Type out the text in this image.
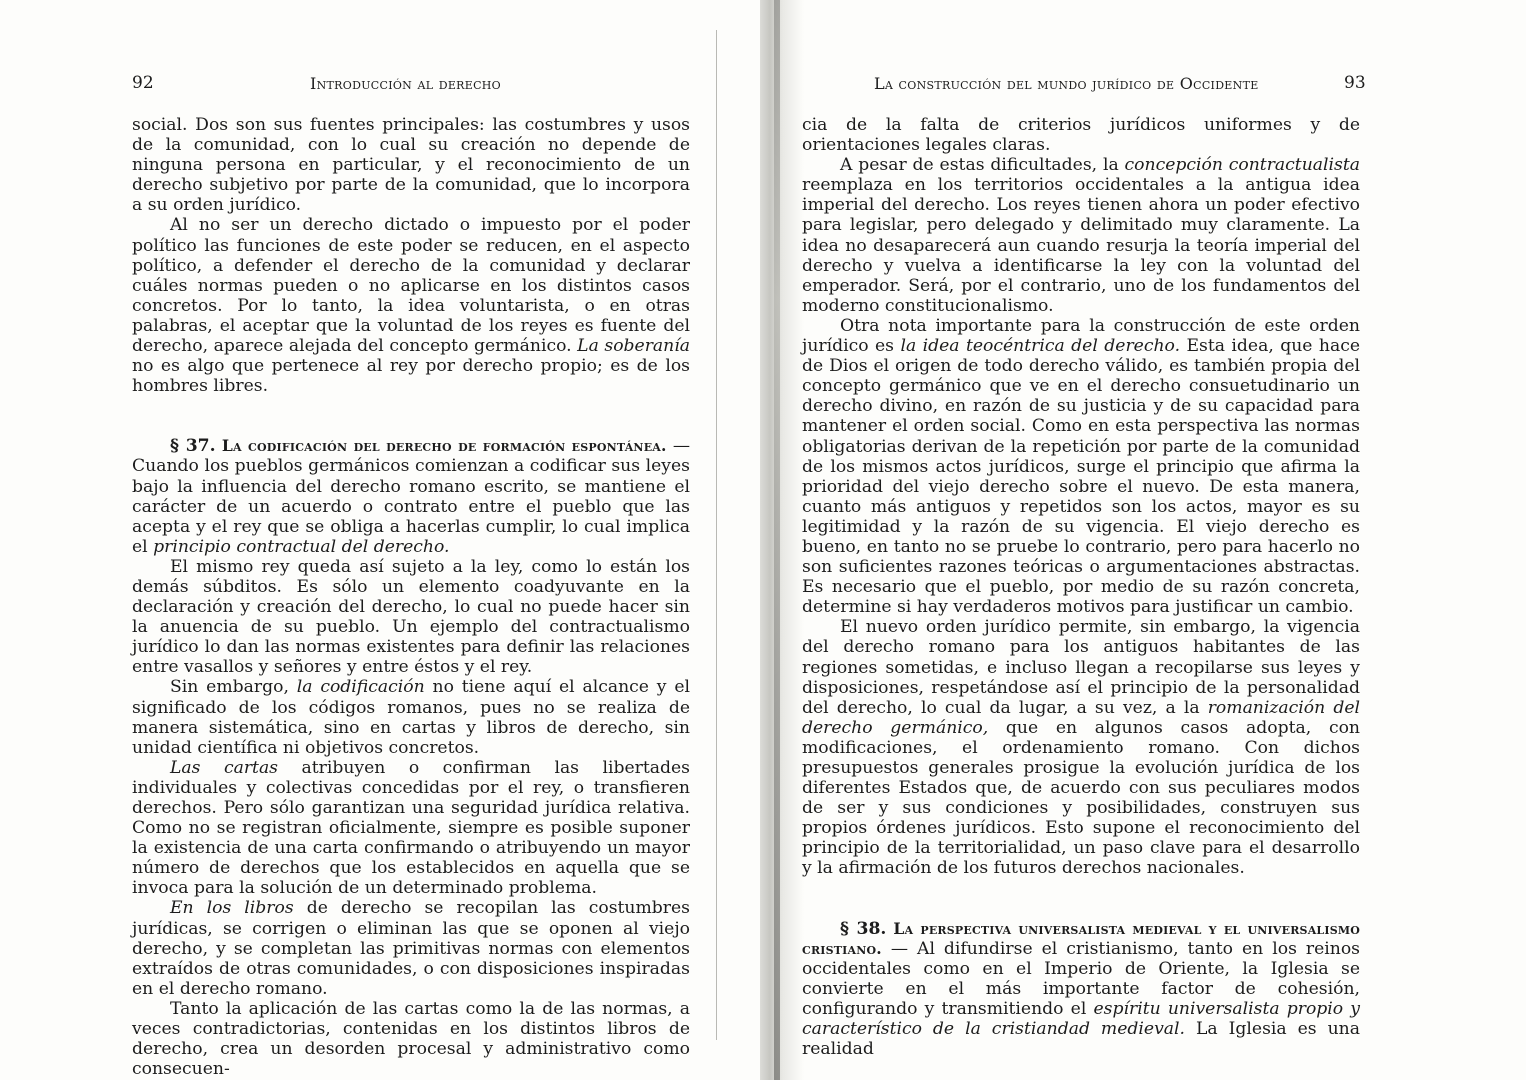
92	Introducción al derecho

social. Dos son sus fuentes principales: las costumbres y usos de la comunidad, con lo cual su creación no depende de ninguna persona en particular, y el reconocimiento de un derecho subjetivo por parte de la comunidad, que lo incorpora a su orden jurídico.

Al no ser un derecho dictado o impuesto por el poder político las funciones de este poder se reducen, en el aspecto político, a defender el derecho de la comunidad y declarar cuáles normas pueden o no aplicarse en los distintos casos concretos. Por lo tanto, la idea voluntarista, o en otras palabras, el aceptar que la voluntad de los reyes es fuente del derecho, aparece alejada del concepto germánico. La soberanía no es algo que pertenece al rey por derecho propio; es de los hombres libres.

§ 37. La codificación del derecho de formación espontánea. — Cuando los pueblos germánicos comienzan a codificar sus leyes bajo la influencia del derecho romano escrito, se mantiene el carácter de un acuerdo o contrato entre el pueblo que las acepta y el rey que se obliga a hacerlas cumplir, lo cual implica el principio contractual del derecho.

El mismo rey queda así sujeto a la ley, como lo están los demás súbditos. Es sólo un elemento coadyuvante en la declaración y creación del derecho, lo cual no puede hacer sin la anuencia de su pueblo. Un ejemplo del contractualismo jurídico lo dan las normas existentes para definir las relaciones entre vasallos y señores y entre éstos y el rey.

Sin embargo, la codificación no tiene aquí el alcance y el significado de los códigos romanos, pues no se realiza de manera sistemática, sino en cartas y libros de derecho, sin unidad científica ni objetivos concretos.

Las cartas atribuyen o confirman las libertades individuales y colectivas concedidas por el rey, o transfieren derechos. Pero sólo garantizan una seguridad jurídica relativa. Como no se registran oficialmente, siempre es posible suponer la existencia de una carta confirmando o atribuyendo un mayor número de derechos que los establecidos en aquella que se invoca para la solución de un determinado problema.

En los libros de derecho se recopilan las costumbres jurídicas, se corrigen o eliminan las que se oponen al viejo derecho, y se completan las primitivas normas con elementos extraídos de otras comunidades, o con disposiciones inspiradas en el derecho romano.

Tanto la aplicación de las cartas como la de las normas, a veces contradictorias, contenidas en los distintos libros de derecho, crea un desorden procesal y administrativo como consecuen-

La construcción del mundo jurídico de Occidente	93

cia de la falta de criterios jurídicos uniformes y de orientaciones legales claras.

A pesar de estas dificultades, la concepción contractualista reemplaza en los territorios occidentales a la antigua idea imperial del derecho. Los reyes tienen ahora un poder efectivo para legislar, pero delegado y delimitado muy claramente. La idea no desaparecerá aun cuando resurja la teoría imperial del derecho y vuelva a identificarse la ley con la voluntad del emperador. Será, por el contrario, uno de los fundamentos del moderno constitucionalismo.

Otra nota importante para la construcción de este orden jurídico es la idea teocéntrica del derecho. Esta idea, que hace de Dios el origen de todo derecho válido, es también propia del concepto germánico que ve en el derecho consuetudinario un derecho divino, en razón de su justicia y de su capacidad para mantener el orden social. Como en esta perspectiva las normas obligatorias derivan de la repetición por parte de la comunidad de los mismos actos jurídicos, surge el principio que afirma la prioridad del viejo derecho sobre el nuevo. De esta manera, cuanto más antiguos y repetidos son los actos, mayor es su legitimidad y la razón de su vigencia. El viejo derecho es bueno, en tanto no se pruebe lo contrario, pero para hacerlo no son suficientes razones teóricas o argumentaciones abstractas. Es necesario que el pueblo, por medio de su razón concreta, determine si hay verdaderos motivos para justificar un cambio.

El nuevo orden jurídico permite, sin embargo, la vigencia del derecho romano para los antiguos habitantes de las regiones sometidas, e incluso llegan a recopilarse sus leyes y disposiciones, respetándose así el principio de la personalidad del derecho, lo cual da lugar, a su vez, a la romanización del derecho germánico, que en algunos casos adopta, con modificaciones, el ordenamiento romano. Con dichos presupuestos generales prosigue la evolución jurídica de los diferentes Estados que, de acuerdo con sus peculiares modos de ser y sus condiciones y posibilidades, construyen sus propios órdenes jurídicos. Esto supone el reconocimiento del principio de la territorialidad, un paso clave para el desarrollo y la afirmación de los futuros derechos nacionales.

§ 38. La perspectiva universalista medieval y el universalismo cristiano. — Al difundirse el cristianismo, tanto en los reinos occidentales como en el Imperio de Oriente, la Iglesia se convierte en el más importante factor de cohesión, configurando y transmitiendo el espíritu universalista propio y característico de la cristiandad medieval. La Iglesia es una realidad
